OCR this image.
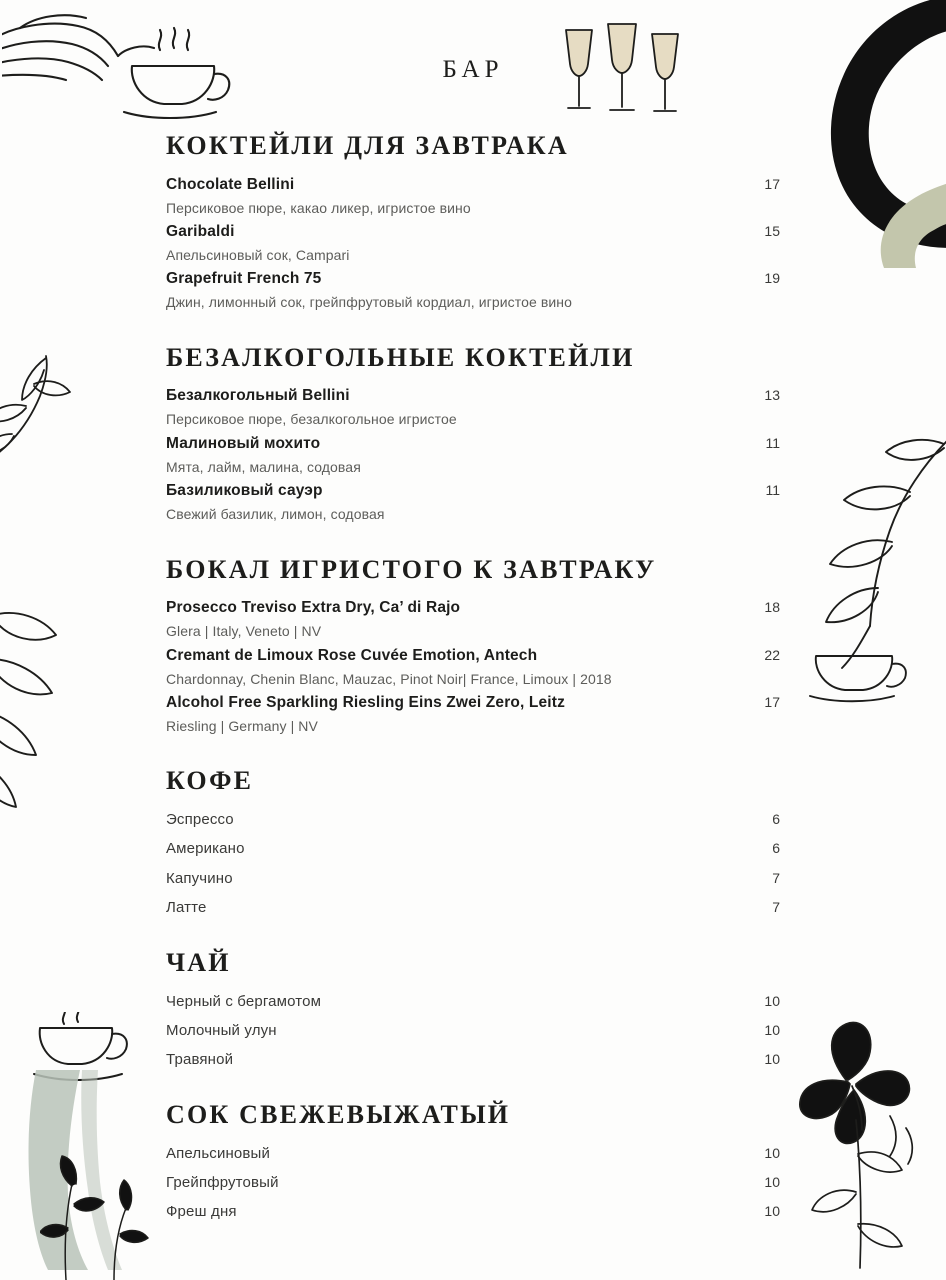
БАР
КОКТЕЙЛИ ДЛЯ ЗАВТРАКА
Chocolate Bellini	17
Персиковое пюре, какао ликер, игристое вино
Garibaldi	15
Апельсиновый сок, Campari
Grapefruit French 75	19
Джин, лимонный сок, грейпфрутовый кордиал, игристое вино
БЕЗАЛКОГОЛЬНЫЕ КОКТЕЙЛИ
Безалкогольный Bellini	13
Персиковое пюре, безалкогольное игристое
Малиновый мохито	11
Мята, лайм, малина, содовая
Базиликовый сауэр	11
Свежий базилик, лимон, содовая
БОКАЛ ИГРИСТОГО К ЗАВТРАКУ
Prosecco Treviso Extra Dry, Ca’ di Rajo	18
Glera | Italy, Veneto | NV
Cremant de Limoux Rose Cuvée Emotion, Antech	22
Chardonnay, Chenin Blanc, Mauzac, Pinot Noir| France, Limoux | 2018
Alcohol Free Sparkling Riesling Eins Zwei Zero, Leitz	17
Riesling | Germany | NV
КОФЕ
Эспрессо	6
Американо	6
Капучино	7
Латте	7
ЧАЙ
Черный с бергамотом	10
Молочный улун	10
Травяной	10
СОК СВЕЖЕВЫЖАТЫЙ
Апельсиновый	10
Грейпфрутовый	10
Фреш дня	10
